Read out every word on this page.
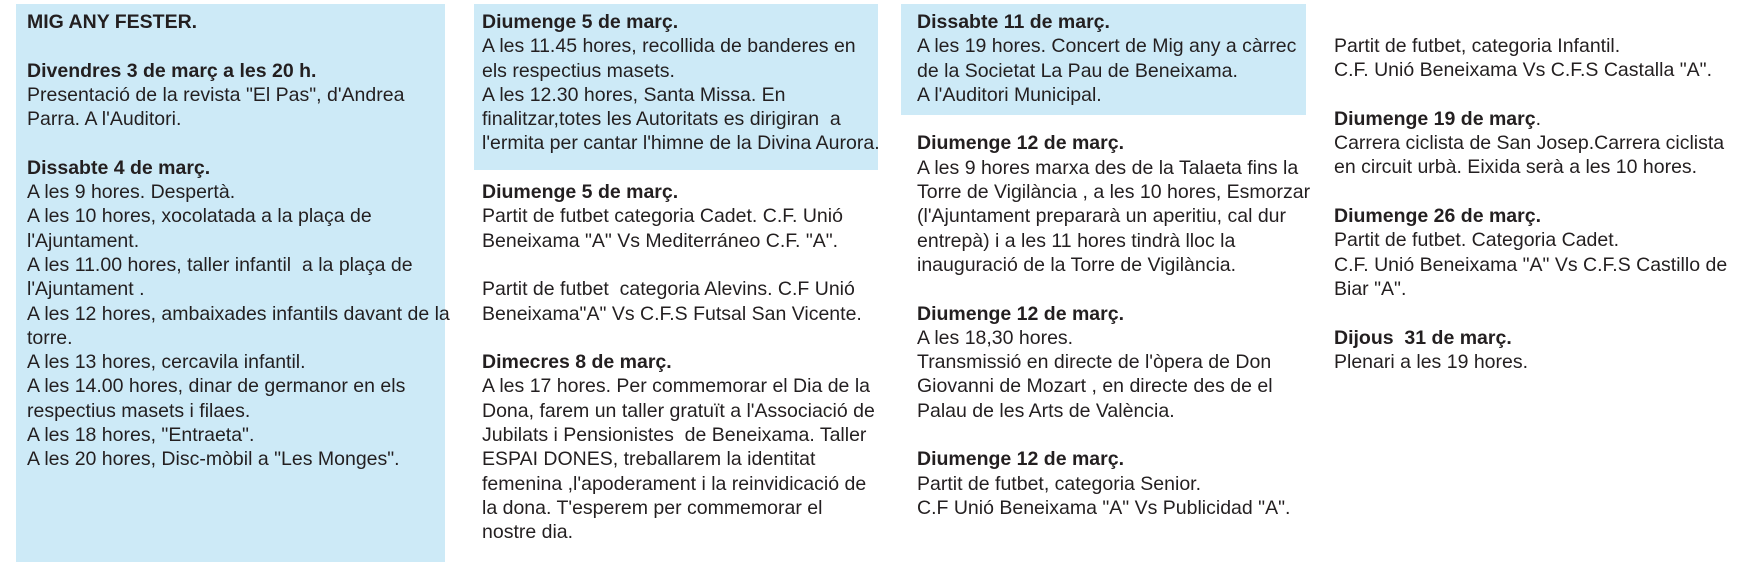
MIG ANY FESTER.
Divendres 3 de març a les 20 h.
Presentació de la revista "El Pas", d'Andrea
Parra. A l'Auditori.
Dissabte 4 de març.
A les 9 hores. Despertà.
A les 10 hores, xocolatada a la plaça de
l'Ajuntament.
A les 11.00 hores, taller infantil  a la plaça de
l'Ajuntament .
A les 12 hores, ambaixades infantils davant de la
torre.
A les 13 hores, cercavila infantil.
A les 14.00 hores, dinar de germanor en els
respectius masets i filaes.
A les 18 hores, "Entraeta".
A les 20 hores, Disc-mòbil a "Les Monges".
Diumenge 5 de març.
A les 11.45 hores, recollida de banderes en
els respectius masets.
A les 12.30 hores, Santa Missa. En
finalitzar,totes les Autoritats es dirigiran  a
l'ermita per cantar l'himne de la Divina Aurora.
Diumenge 5 de març.
Partit de futbet categoria Cadet. C.F. Unió
Beneixama "A" Vs Mediterráneo C.F. "A".
Partit de futbet  categoria Alevins. C.F Unió
Beneixama"A" Vs C.F.S Futsal San Vicente.
Dimecres 8 de març.
A les 17 hores. Per commemorar el Dia de la
Dona, farem un taller gratuït a l'Associació de
Jubilats i Pensionistes  de Beneixama. Taller
ESPAI DONES, treballarem la identitat
femenina ,l'apoderament i la reinvidicació de
la dona. T'esperem per commemorar el
nostre dia.
Dissabte 11 de març.
A les 19 hores. Concert de Mig any a càrrec
de la Societat La Pau de Beneixama.
A l'Auditori Municipal.
Diumenge 12 de març.
A les 9 hores marxa des de la Talaeta fins la
Torre de Vigilància , a les 10 hores, Esmorzar
(l'Ajuntament prepararà un aperitiu, cal dur
entrepà) i a les 11 hores tindrà lloc la
inauguració de la Torre de Vigilància.
Diumenge 12 de març.
A les 18,30 hores.
Transmissió en directe de l'òpera de Don
Giovanni de Mozart , en directe des de el
Palau de les Arts de València.
Diumenge 12 de març.
Partit de futbet, categoria Senior.
C.F Unió Beneixama "A" Vs Publicidad "A".
Partit de futbet, categoria Infantil.
C.F. Unió Beneixama Vs C.F.S Castalla "A".
Diumenge 19 de març.
Carrera ciclista de San Josep.Carrera ciclista
en circuit urbà. Eixida serà a les 10 hores.
Diumenge 26 de març.
Partit de futbet. Categoria Cadet.
C.F. Unió Beneixama "A" Vs C.F.S Castillo de
Biar "A".
Dijous  31 de març.
Plenari a les 19 hores.
